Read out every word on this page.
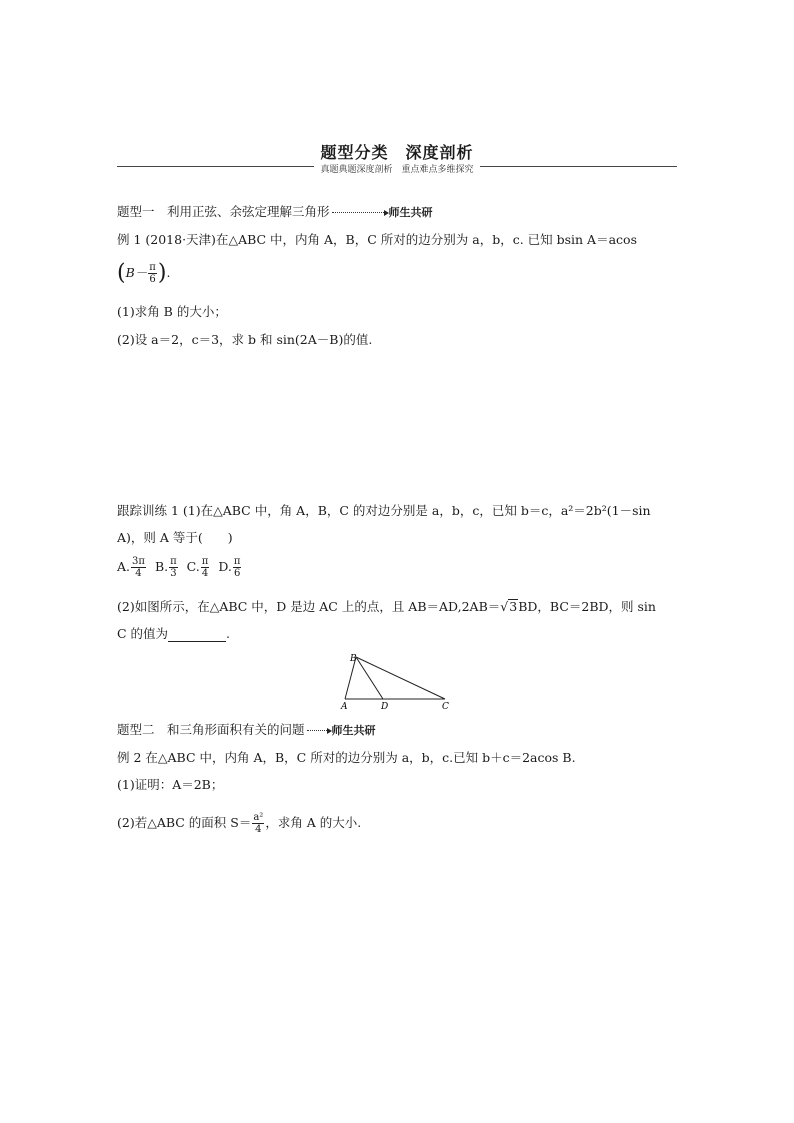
题型分类　深度剖析
真题典题深度剖析　重点难点多维探究
题型一　利用正弦、余弦定理解三角形	师生共研
例 1 (2018·天津)在△ABC 中，内角 A，B，C 所对的边分别为 a，b，c. 已知 bsin A＝acos
($B- \frac{\pi}{6}$ ).
(1)求角 B 的大小；
(2)设 a＝2，c＝3，求 b 和 sin(2A－B)的值.
跟踪训练 1 (1)在△ABC 中，角 A，B，C 的对边分别是 a，b，c，已知 b＝c，a²＝2b²(1－sin
A)，则 A 等于(　　)
A. $\frac{3\pi}{4} B$. $\frac{\pi}{3} C$. $\frac{\pi}{4} D$. $\frac{\pi}{6}$
(2)如图所示，在△ABC 中，D 是边 AC 上的点，且 AB＝AD,2AB＝√3BD，BC＝2BD，则 sin
C 的值为	.
B
A	D	C
题型二　和三角形面积有关的问题 师生共研
例 2 在△ABC 中，内角 A，B，C 所对的边分别为 a，b，c.已知 b＋c＝2acos B.
(1)证明：A＝2B；
(2)若△ABC 的面积 $S= \frac{\text{a²}}{4}$ ，求角 A 的大小.
